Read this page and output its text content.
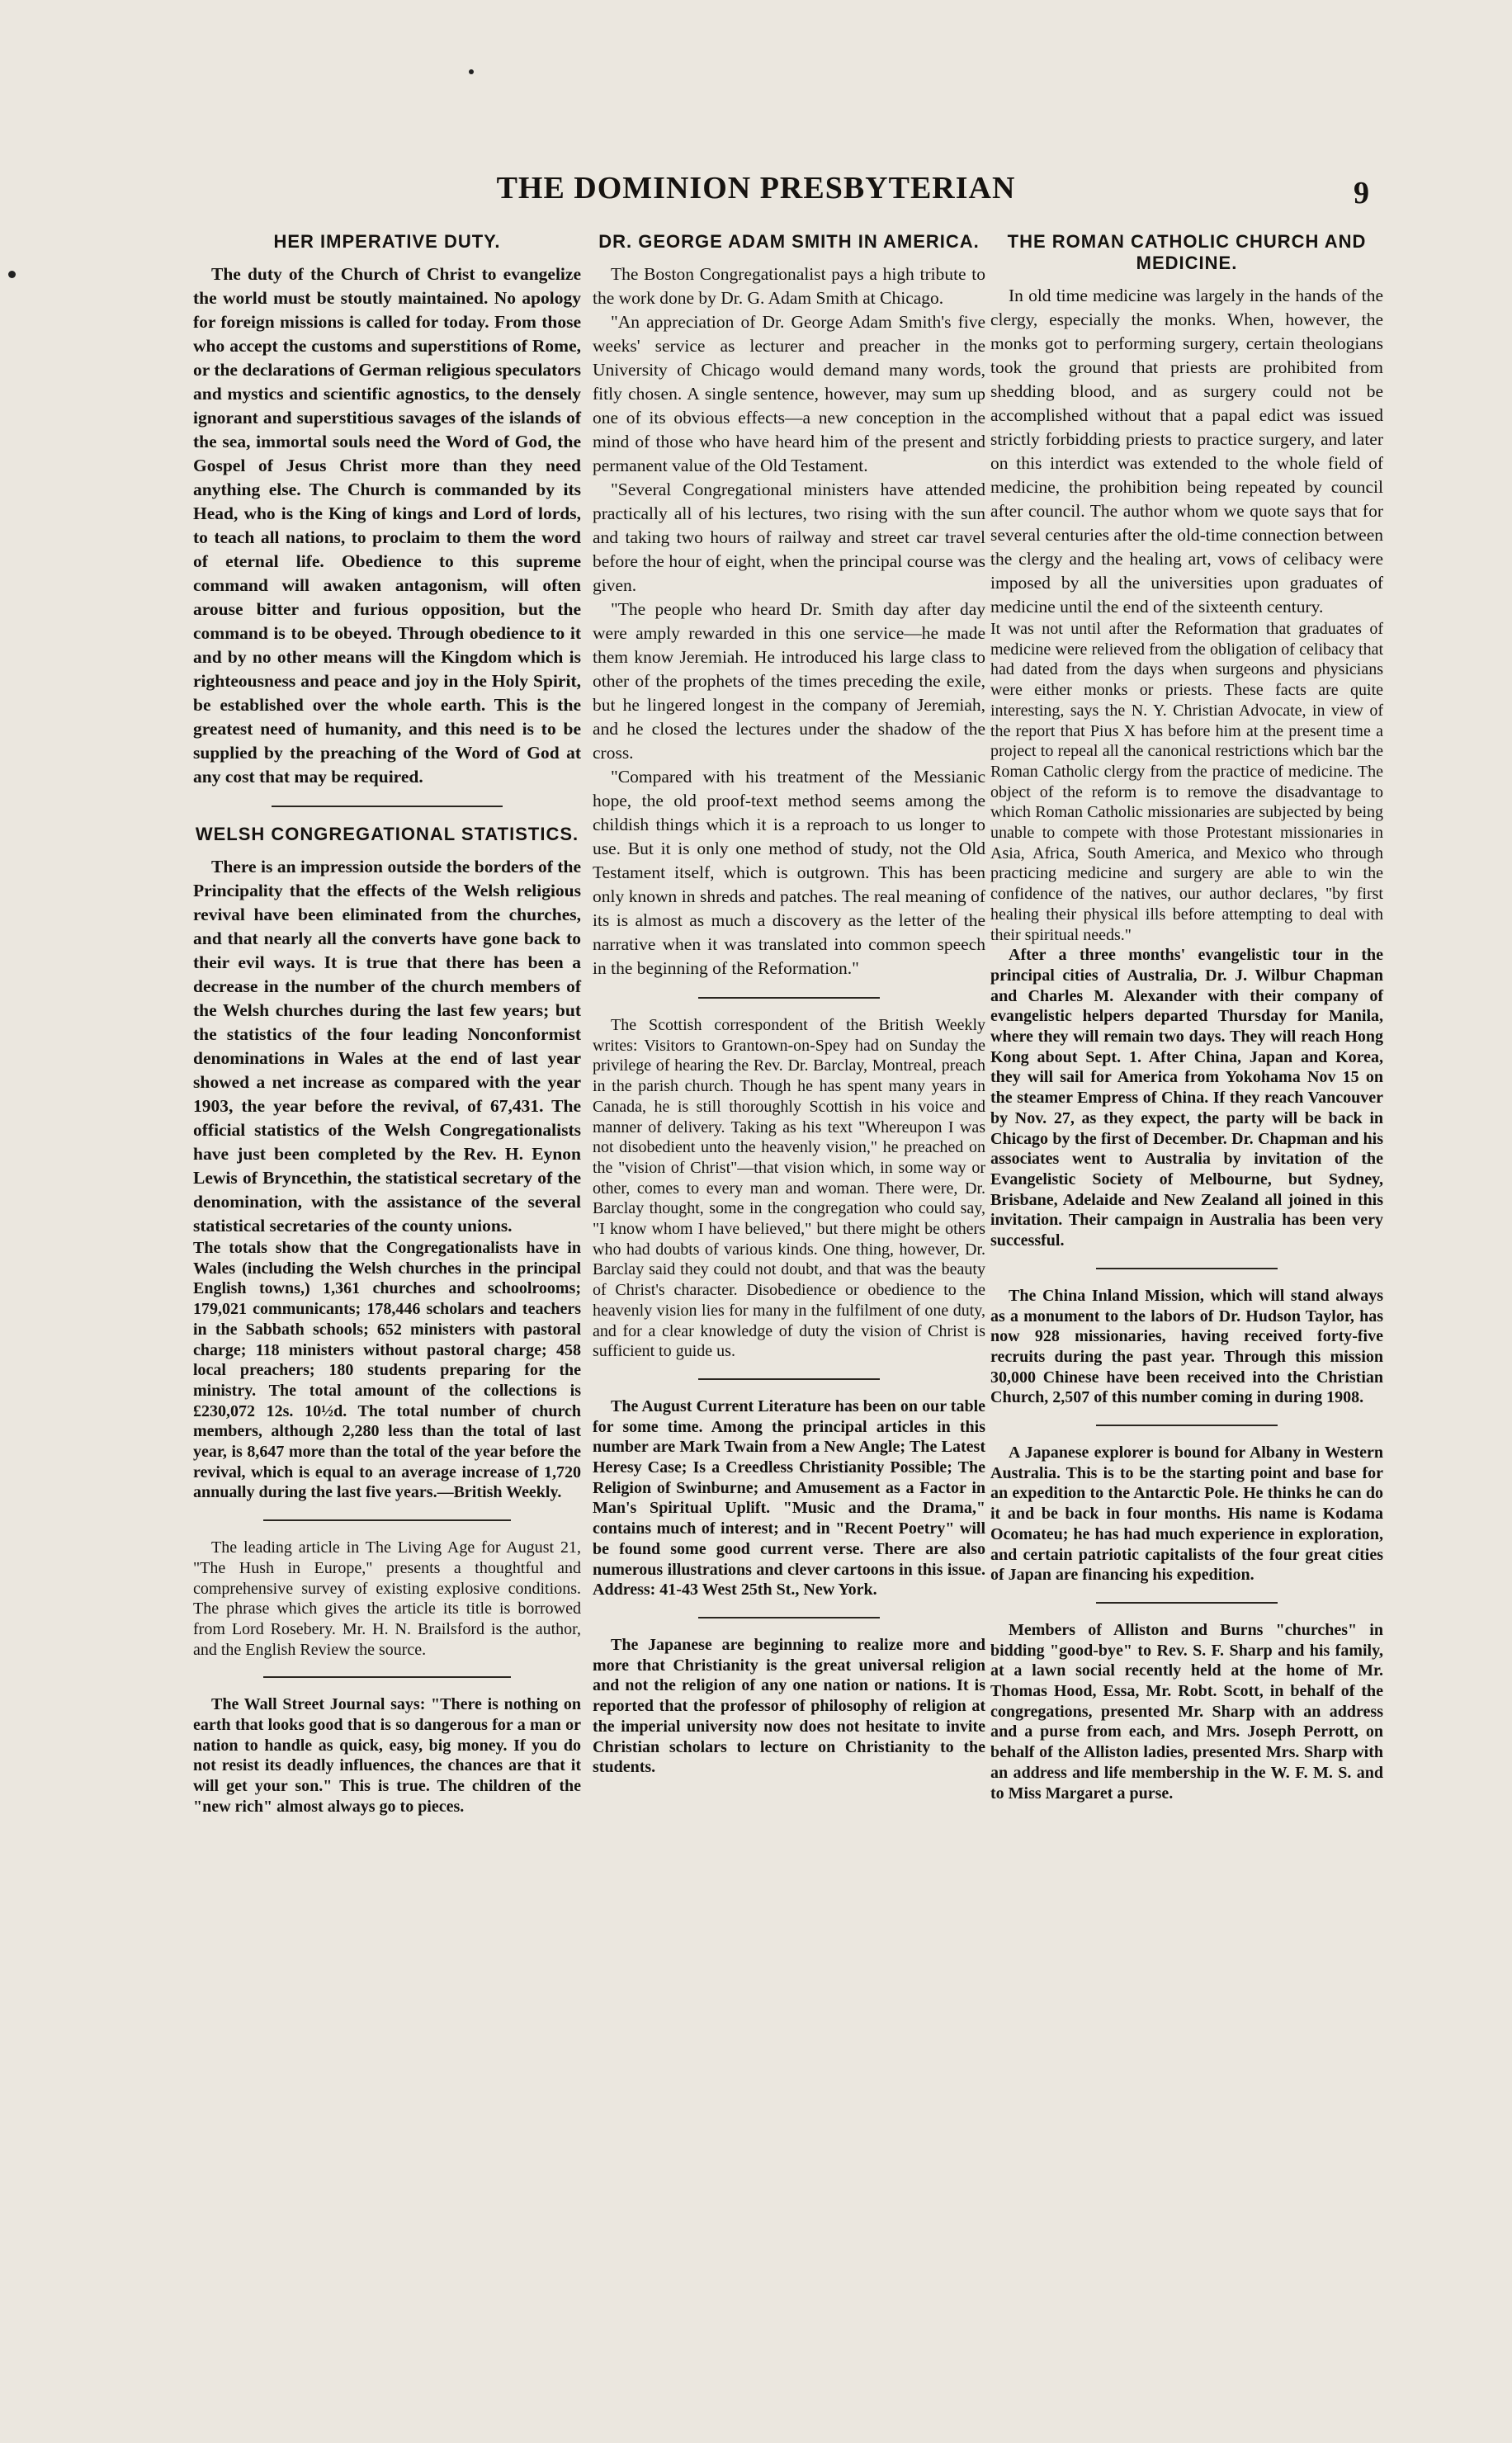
THE DOMINION PRESBYTERIAN	9
HER IMPERATIVE DUTY.

The duty of the Church of Christ to evangelize the world must be stoutly maintained. No apology for foreign missions is called for today. From those who accept the customs and superstitions of Rome, or the declarations of German religious speculators and mystics and scientific agnostics, to the densely ignorant and superstitious savages of the islands of the sea, immortal souls need the Word of God, the Gospel of Jesus Christ more than they need anything else. The Church is commanded by its Head, who is the King of kings and Lord of lords, to teach all nations, to proclaim to them the word of eternal life. Obedience to this supreme command will awaken antagonism, will often arouse bitter and furious opposition, but the command is to be obeyed. Through obedience to it and by no other means will the Kingdom which is righteousness and peace and joy in the Holy Spirit, be established over the whole earth. This is the greatest need of humanity, and this need is to be supplied by the preaching of the Word of God at any cost that may be required.

WELSH CONGREGATIONAL STATISTICS.

There is an impression outside the borders of the Principality that the effects of the Welsh religious revival have been eliminated from the churches, and that nearly all the converts have gone back to their evil ways. It is true that there has been a decrease in the number of the church members of the Welsh churches during the last few years; but the statistics of the four leading Nonconformist denominations in Wales at the end of last year showed a net increase as compared with the year 1903, the year before the revival, of 67,431. The official statistics of the Welsh Congregationalists have just been completed by the Rev. H. Eynon Lewis of Bryncethin, the statistical secretary of the denomination, with the assistance of the several statistical secretaries of the county unions.

The totals show that the Congregationalists have in Wales (including the Welsh churches in the principal English towns,) 1,361 churches and schoolrooms; 179,021 communicants; 178,446 scholars and teachers in the Sabbath schools; 652 ministers with pastoral charge; 118 ministers without pastoral charge; 458 local preachers; 180 students preparing for the ministry. The total amount of the collections is £230,072 12s. 10½d. The total number of church members, although 2,280 less than the total of last year, is 8,647 more than the total of the year before the revival, which is equal to an average increase of 1,720 annually during the last five years.—British Weekly.

The leading article in The Living Age for August 21, "The Hush in Europe," presents a thoughtful and comprehensive survey of existing explosive conditions. The phrase which gives the article its title is borrowed from Lord Rosebery. Mr. H. N. Brailsford is the author, and the English Review the source.

The Wall Street Journal says: "There is nothing on earth that looks good that is so dangerous for a man or nation to handle as quick, easy, big money. If you do not resist its deadly influences, the chances are that it will get your son." This is true. The children of the "new rich" almost always go to pieces.

DR. GEORGE ADAM SMITH IN AMERICA.

The Boston Congregationalist pays a high tribute to the work done by Dr. G. Adam Smith at Chicago.

"An appreciation of Dr. George Adam Smith's five weeks' service as lecturer and preacher in the University of Chicago would demand many words, fitly chosen. A single sentence, however, may sum up one of its obvious effects—a new conception in the mind of those who have heard him of the present and permanent value of the Old Testament.

"Several Congregational ministers have attended practically all of his lectures, two rising with the sun and taking two hours of railway and street car travel before the hour of eight, when the principal course was given.

"The people who heard Dr. Smith day after day were amply rewarded in this one service—he made them know Jeremiah. He introduced his large class to other of the prophets of the times preceding the exile, but he lingered longest in the company of Jeremiah, and he closed the lectures under the shadow of the cross.

"Compared with his treatment of the Messianic hope, the old proof-text method seems among the childish things which it is a reproach to us longer to use. But it is only one method of study, not the Old Testament itself, which is outgrown. This has been only known in shreds and patches. The real meaning of its is almost as much a discovery as the letter of the narrative when it was translated into common speech in the beginning of the Reformation."

The Scottish correspondent of the British Weekly writes: Visitors to Grantown-on-Spey had on Sunday the privilege of hearing the Rev. Dr. Barclay, Montreal, preach in the parish church. Though he has spent many years in Canada, he is still thoroughly Scottish in his voice and manner of delivery. Taking as his text "Whereupon I was not disobedient unto the heavenly vision," he preached on the "vision of Christ"—that vision which, in some way or other, comes to every man and woman. There were, Dr. Barclay thought, some in the congregation who could say, "I know whom I have believed," but there might be others who had doubts of various kinds. One thing, however, Dr. Barclay said they could not doubt, and that was the beauty of Christ's character. Disobedience or obedience to the heavenly vision lies for many in the fulfilment of one duty, and for a clear knowledge of duty the vision of Christ is sufficient to guide us.

The August Current Literature has been on our table for some time. Among the principal articles in this number are Mark Twain from a New Angle; The Latest Heresy Case; Is a Creedless Christianity Possible; The Religion of Swinburne; and Amusement as a Factor in Man's Spiritual Uplift. "Music and the Drama," contains much of interest; and in "Recent Poetry" will be found some good current verse. There are also numerous illustrations and clever cartoons in this issue. Address: 41-43 West 25th St., New York.

The Japanese are beginning to realize more and more that Christianity is the great universal religion and not the religion of any one nation or nations. It is reported that the professor of philosophy of religion at the imperial university now does not hesitate to invite Christian scholars to lecture on Christianity to the students.

THE ROMAN CATHOLIC CHURCH AND MEDICINE.

In old time medicine was largely in the hands of the clergy, especially the monks. When, however, the monks got to performing surgery, certain theologians took the ground that priests are prohibited from shedding blood, and as surgery could not be accomplished without that a papal edict was issued strictly forbidding priests to practice surgery, and later on this interdict was extended to the whole field of medicine, the prohibition being repeated by council after council. The author whom we quote says that for several centuries after the old-time connection between the clergy and the healing art, vows of celibacy were imposed by all the universities upon graduates of medicine until the end of the sixteenth century.

It was not until after the Reformation that graduates of medicine were relieved from the obligation of celibacy that had dated from the days when surgeons and physicians were either monks or priests. These facts are quite interesting, says the N. Y. Christian Advocate, in view of the report that Pius X has before him at the present time a project to repeal all the canonical restrictions which bar the Roman Catholic clergy from the practice of medicine. The object of the reform is to remove the disadvantage to which Roman Catholic missionaries are subjected by being unable to compete with those Protestant missionaries in Asia, Africa, South America, and Mexico who through practicing medicine and surgery are able to win the confidence of the natives, our author declares, "by first healing their physical ills before attempting to deal with their spiritual needs."

After a three months' evangelistic tour in the principal cities of Australia, Dr. J. Wilbur Chapman and Charles M. Alexander with their company of evangelistic helpers departed Thursday for Manila, where they will remain two days. They will reach Hong Kong about Sept. 1. After China, Japan and Korea, they will sail for America from Yokohama Nov 15 on the steamer Empress of China. If they reach Vancouver by Nov. 27, as they expect, the party will be back in Chicago by the first of December. Dr. Chapman and his associates went to Australia by invitation of the Evangelistic Society of Melbourne, but Sydney, Brisbane, Adelaide and New Zealand all joined in this invitation. Their campaign in Australia has been very successful.

The China Inland Mission, which will stand always as a monument to the labors of Dr. Hudson Taylor, has now 928 missionaries, having received forty-five recruits during the past year. Through this mission 30,000 Chinese have been received into the Christian Church, 2,507 of this number coming in during 1908.

A Japanese explorer is bound for Albany in Western Australia. This is to be the starting point and base for an expedition to the Antarctic Pole. He thinks he can do it and be back in four months. His name is Kodama Ocomateu; he has had much experience in exploration, and certain patriotic capitalists of the four great cities of Japan are financing his expedition.

Members of Alliston and Burns "churches" in bidding "good-bye" to Rev. S. F. Sharp and his family, at a lawn social recently held at the home of Mr. Thomas Hood, Essa, Mr. Robt. Scott, in behalf of the congregations, presented Mr. Sharp with an address and a purse from each, and Mrs. Joseph Perrott, on behalf of the Alliston ladies, presented Mrs. Sharp with an address and life membership in the W. F. M. S. and to Miss Margaret a purse.
